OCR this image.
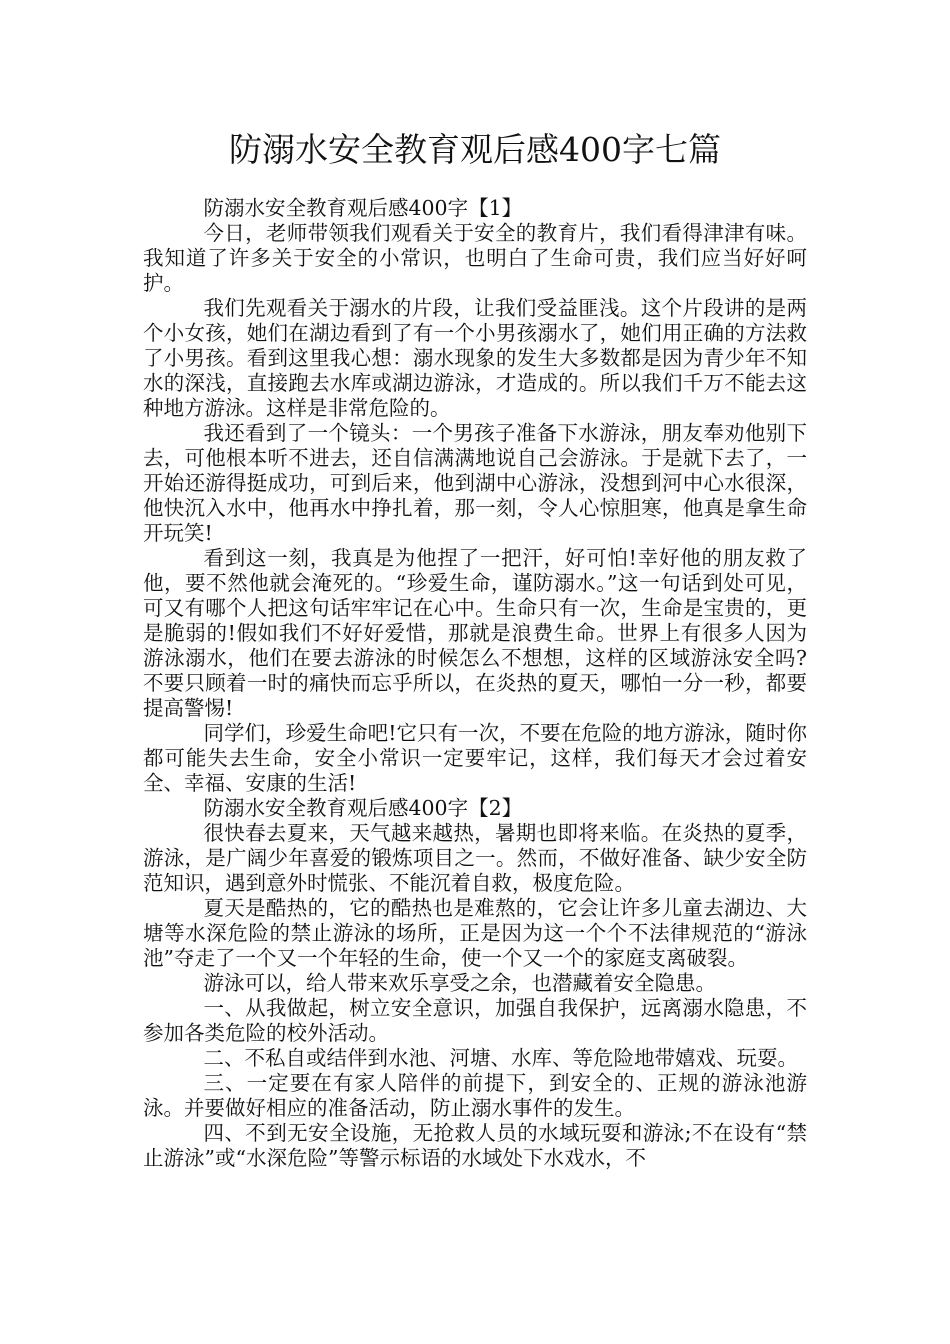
防溺水安全教育观后感400字七篇

防溺水安全教育观后感400字【1】

今日，老师带领我们观看关于安全的教育片，我们看得津津有味。我知道了许多关于安全的小常识，也明白了生命可贵，我们应当好好呵护。

我们先观看关于溺水的片段，让我们受益匪浅。这个片段讲的是两个小女孩，她们在湖边看到了有一个小男孩溺水了，她们用正确的方法救了小男孩。看到这里我心想：溺水现象的发生大多数都是因为青少年不知水的深浅，直接跑去水库或湖边游泳，才造成的。所以我们千万不能去这种地方游泳。这样是非常危险的。

我还看到了一个镜头：一个男孩子准备下水游泳，朋友奉劝他别下去，可他根本听不进去，还自信满满地说自己会游泳。于是就下去了，一开始还游得挺成功，可到后来，他到湖中心游泳，没想到河中心水很深，他快沉入水中，他再水中挣扎着，那一刻，令人心惊胆寒，他真是拿生命开玩笑!

看到这一刻，我真是为他捏了一把汗，好可怕!幸好他的朋友救了他，要不然他就会淹死的。“珍爱生命，谨防溺水。”这一句话到处可见，可又有哪个人把这句话牢牢记在心中。生命只有一次，生命是宝贵的，更是脆弱的!假如我们不好好爱惜，那就是浪费生命。世界上有很多人因为游泳溺水，他们在要去游泳的时候怎么不想想，这样的区域游泳安全吗?不要只顾着一时的痛快而忘乎所以，在炎热的夏天，哪怕一分一秒，都要提高警惕!

同学们，珍爱生命吧!它只有一次，不要在危险的地方游泳，随时你都可能失去生命，安全小常识一定要牢记，这样，我们每天才会过着安全、幸福、安康的生活!

防溺水安全教育观后感400字【2】

很快春去夏来，天气越来越热，暑期也即将来临。在炎热的夏季，游泳，是广阔少年喜爱的锻炼项目之一。然而，不做好准备、缺少安全防范知识，遇到意外时慌张、不能沉着自救，极度危险。

夏天是酷热的，它的酷热也是难熬的，它会让许多儿童去湖边、大塘等水深危险的禁止游泳的场所，正是因为这一个个不法律规范的“游泳池”夺走了一个又一个年轻的生命，使一个又一个的家庭支离破裂。

游泳可以，给人带来欢乐享受之余，也潜藏着安全隐患。

一、从我做起，树立安全意识，加强自我保护，远离溺水隐患，不参加各类危险的校外活动。

二、不私自或结伴到水池、河塘、水库、等危险地带嬉戏、玩耍。

三、一定要在有家人陪伴的前提下，到安全的、正规的游泳池游泳。并要做好相应的准备活动，防止溺水事件的发生。

四、不到无安全设施，无抢救人员的水域玩耍和游泳;不在设有“禁止游泳”或“水深危险”等警示标语的水域处下水戏水，不
